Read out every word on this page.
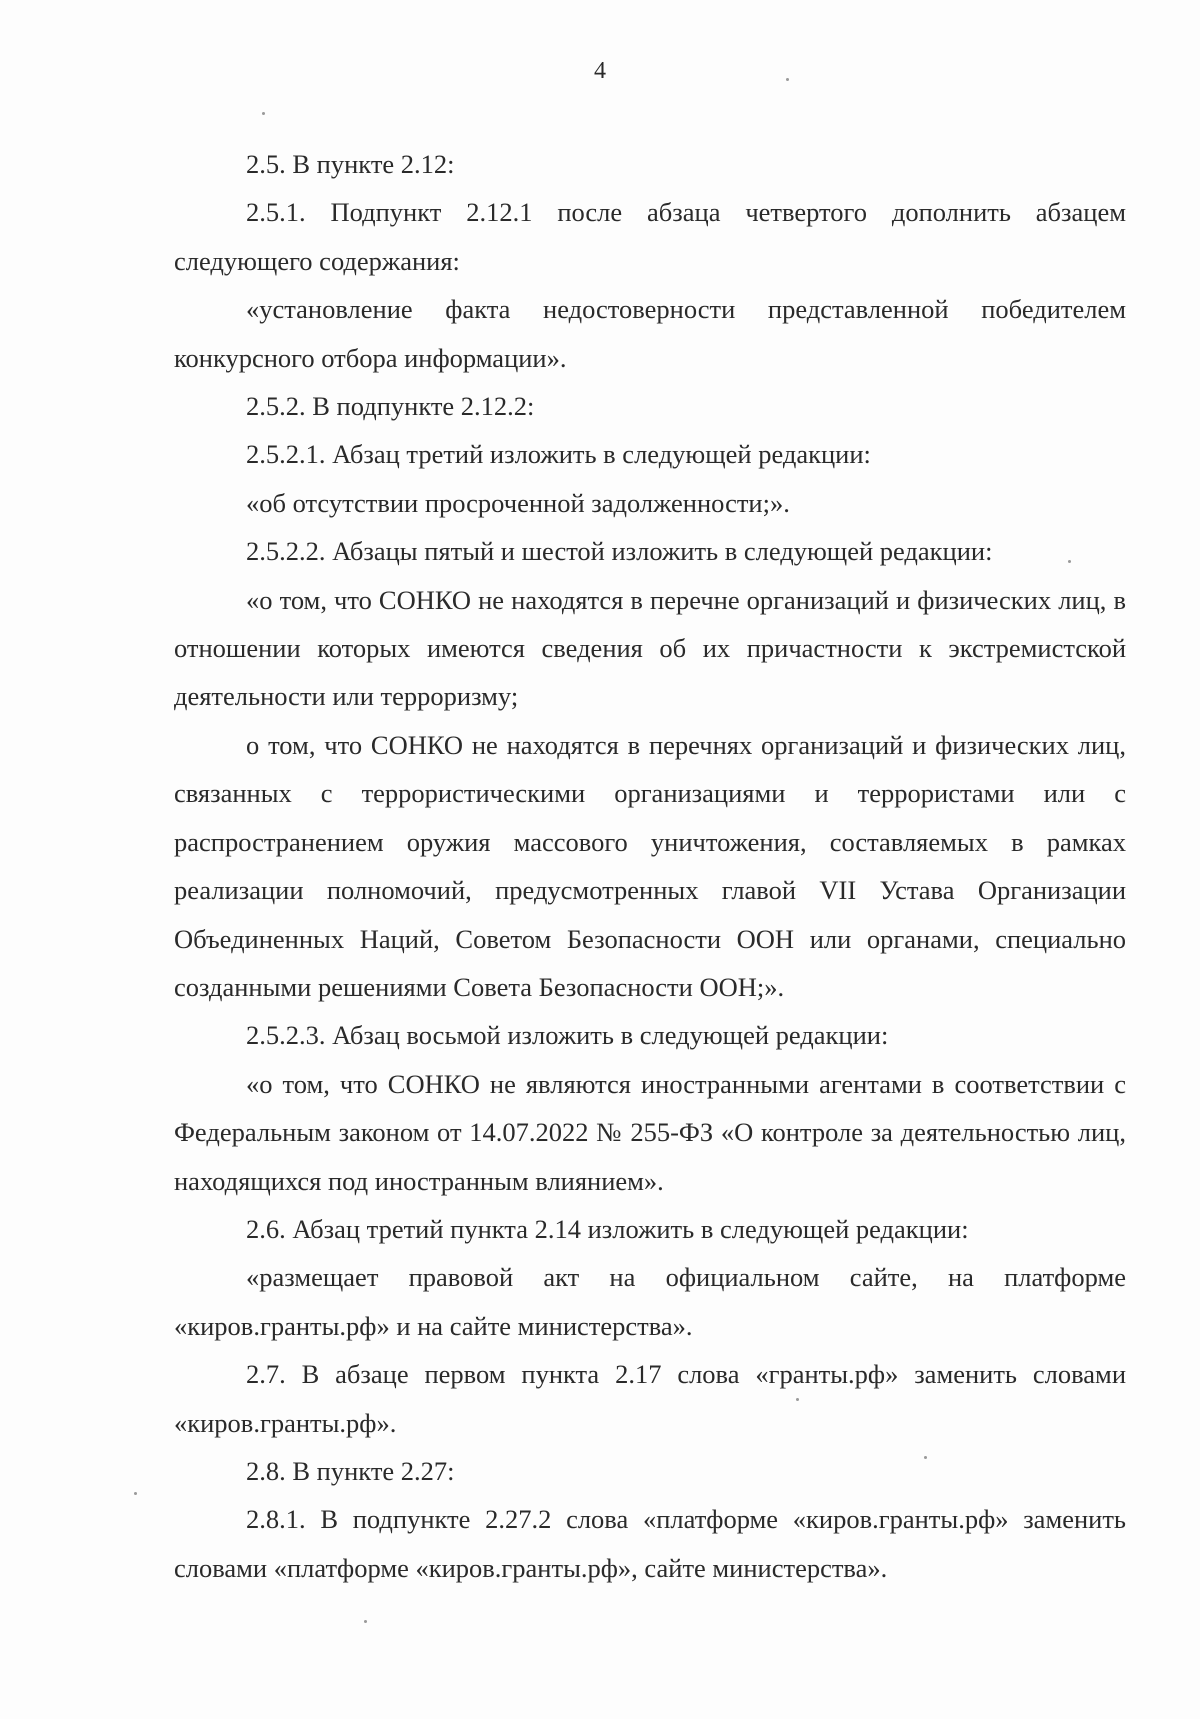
4

2.5. В пункте 2.12:

2.5.1. Подпункт 2.12.1 после абзаца четвертого дополнить абзацем следующего содержания:

«установление факта недостоверности представленной победителем конкурсного отбора информации».

2.5.2. В подпункте 2.12.2:

2.5.2.1. Абзац третий изложить в следующей редакции:

«об отсутствии просроченной задолженности;».

2.5.2.2. Абзацы пятый и шестой изложить в следующей редакции:

«о том, что СОНКО не находятся в перечне организаций и физических лиц, в отношении которых имеются сведения об их причастности к экстремистской деятельности или терроризму;

о том, что СОНКО не находятся в перечнях организаций и физических лиц, связанных с террористическими организациями и террористами или с распространением оружия массового уничтожения, составляемых в рамках реализации полномочий, предусмотренных главой VII Устава Организации Объединенных Наций, Советом Безопасности ООН или органами, специально созданными решениями Совета Безопасности ООН;».

2.5.2.3. Абзац восьмой изложить в следующей редакции:

«о том, что СОНКО не являются иностранными агентами в соответствии с Федеральным законом от 14.07.2022 № 255-ФЗ «О контроле за деятельностью лиц, находящихся под иностранным влиянием».

2.6. Абзац третий пункта 2.14 изложить в следующей редакции:

«размещает правовой акт на официальном сайте, на платформе «киров.гранты.рф» и на сайте министерства».

2.7. В абзаце первом пункта 2.17 слова «гранты.рф» заменить словами «киров.гранты.рф».

2.8. В пункте 2.27:

2.8.1. В подпункте 2.27.2 слова «платформе «киров.гранты.рф» заменить словами «платформе «киров.гранты.рф», сайте министерства».
